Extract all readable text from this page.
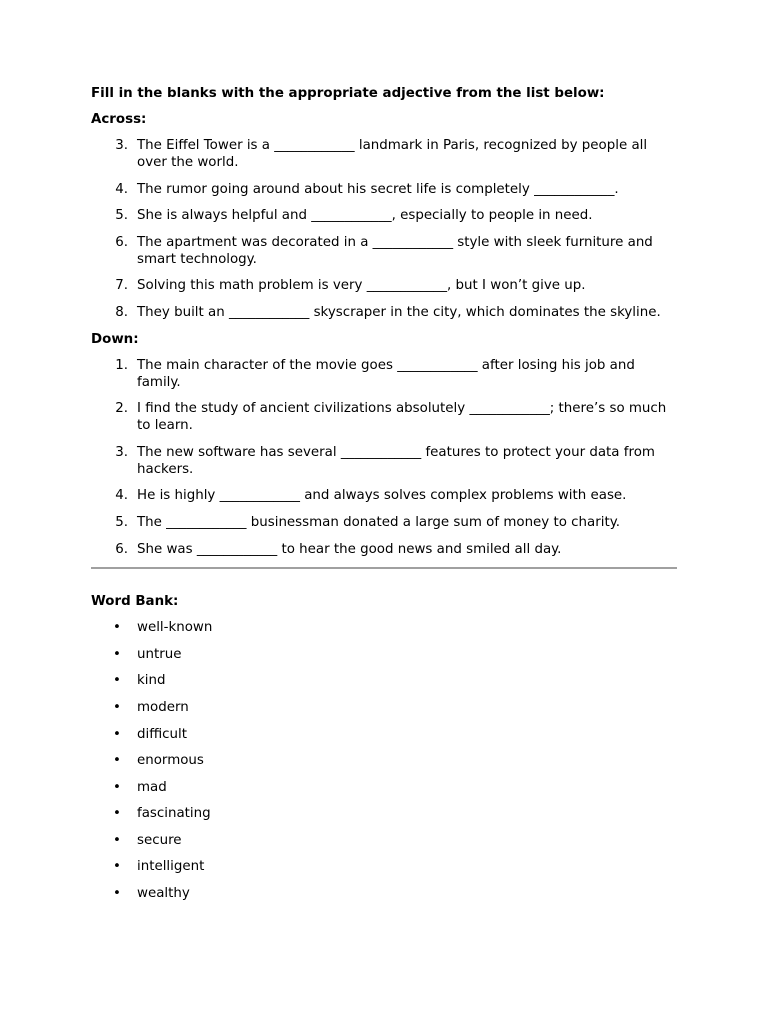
Fill in the blanks with the appropriate adjective from the list below:

Across:

3. The Eiffel Tower is a ____________ landmark in Paris, recognized by people all over the world.
4. The rumor going around about his secret life is completely ____________.
5. She is always helpful and ____________, especially to people in need.
6. The apartment was decorated in a ____________ style with sleek furniture and smart technology.
7. Solving this math problem is very ____________, but I won’t give up.
8. They built an ____________ skyscraper in the city, which dominates the skyline.

Down:

1. The main character of the movie goes ____________ after losing his job and family.
2. I find the study of ancient civilizations absolutely ____________; there’s so much to learn.
3. The new software has several ____________ features to protect your data from hackers.
4. He is highly ____________ and always solves complex problems with ease.
5. The ____________ businessman donated a large sum of money to charity.
6. She was ____________ to hear the good news and smiled all day.

Word Bank:

• well-known
• untrue
• kind
• modern
• difficult
• enormous
• mad
• fascinating
• secure
• intelligent
• wealthy
